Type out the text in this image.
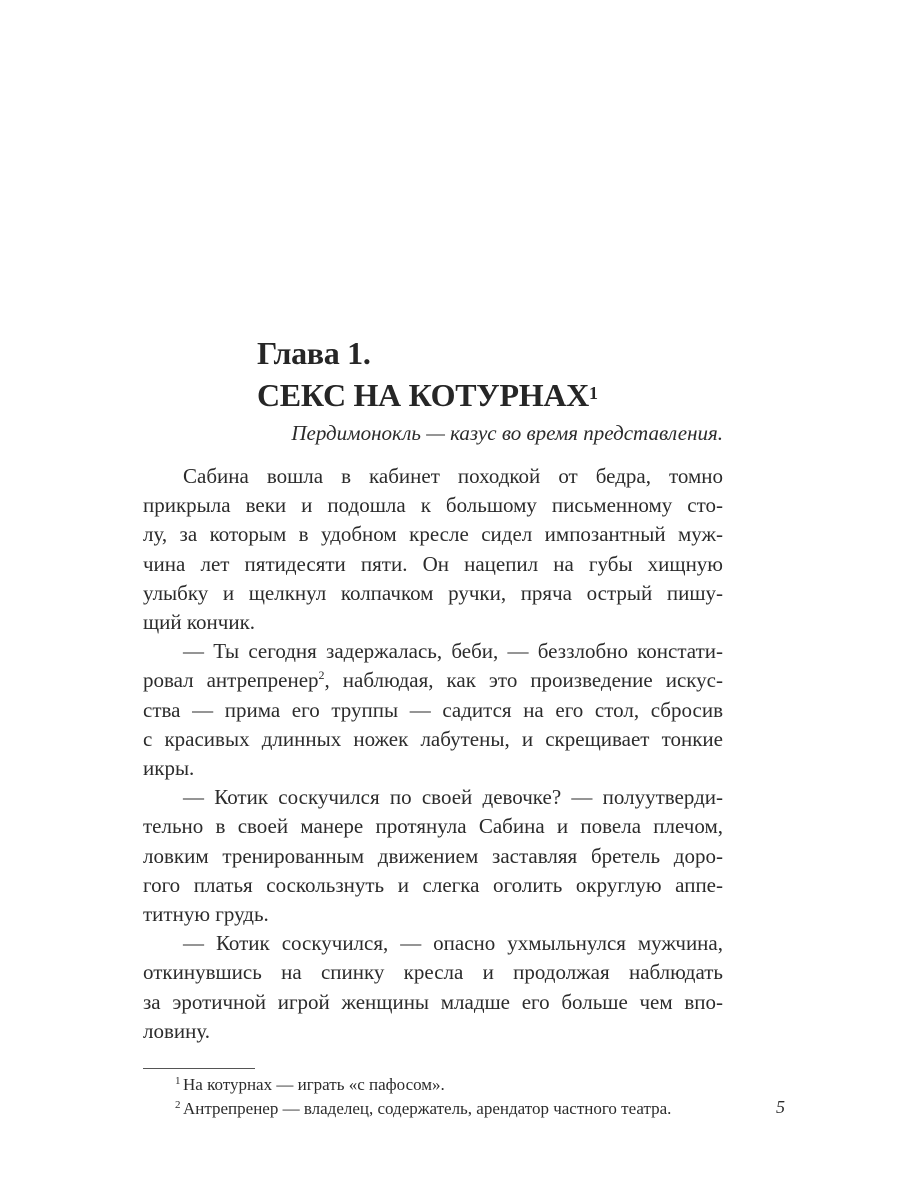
Глава 1.
СЕКС НА КОТУРНАХ$^1$
Пердимонокль — казус во время представления.

Сабина вошла в кабинет походкой от бедра, томно
прикрыла веки и подошла к большому письменному сто-
лу, за которым в удобном кресле сидел импозантный муж-
чина лет пятидесяти пяти. Он нацепил на губы хищную
улыбку и щелкнул колпачком ручки, пряча острый пишу-
щий кончик.

— Ты сегодня задержалась, беби, — беззлобно констати-
ровал антрепренер$^2$, наблюдая, как это произведение искус-
ства — прима его труппы — садится на его стол, сбросив
с красивых длинных ножек лабутены, и скрещивает тонкие
икры.

— Котик соскучился по своей девочке? — полуутверди-
тельно в своей манере протянула Сабина и повела плечом,
ловким тренированным движением заставляя бретель доро-
гого платья соскользнуть и слегка оголить округлую аппе-
титную грудь.

— Котик соскучился, — опасно ухмыльнулся мужчина,
откинувшись на спинку кресла и продолжая наблюдать
за эротичной игрой женщины младше его больше чем впо-
ловину.

1 На котурнах — играть «с пафосом».
2 Антрепренер — владелец, содержатель, арендатор частного театра.	5
